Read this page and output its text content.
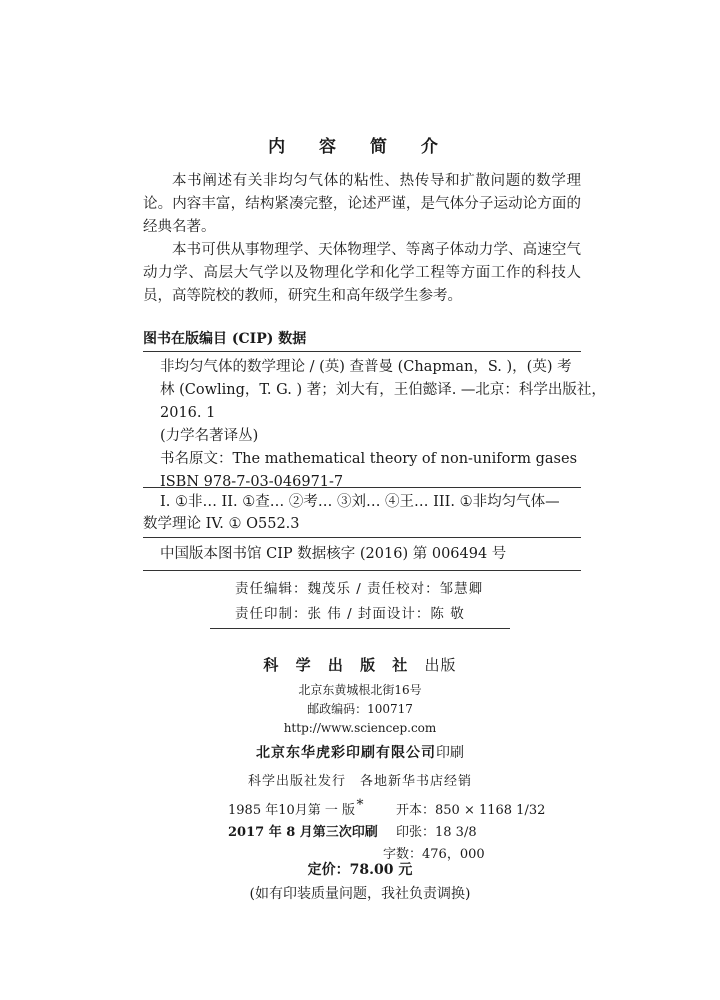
内 容 简 介

本书阐述有关非均匀气体的粘性、热传导和扩散问题的数学理论。内容丰富，结构紧凑完整，论述严谨，是气体分子运动论方面的经典名著。

本书可供从事物理学、天体物理学、等离子体动力学、高速空气动力学、高层大气学以及物理化学和化学工程等方面工作的科技人员，高等院校的教师，研究生和高年级学生参考。

图书在版编目 (CIP) 数据
非均匀气体的数学理论 / (英) 查普曼 (Chapman，S. )，(英) 考
林 (Cowling，T. G. ) 著；刘大有，王伯懿译. —北京：科学出版社，
2016. 1
(力学名著译丛)
书名原文：The mathematical theory of non-uniform gases
ISBN 978-7-03-046971-7
I. ①非… II. ①查… ②考… ③刘… ④王… III. ①非均匀气体—
数学理论 IV. ① O552.3
中国版本图书馆 CIP 数据核字 (2016) 第 006494 号
责任编辑：魏茂乐 / 责任校对：邹慧卿
责任印制：张 伟 / 封面设计：陈 敬
科 学 出 版 社 出版
北京东黄城根北街16号
邮政编码：100717
http://www.sciencep.com
北京东华虎彩印刷有限公司印刷
科学出版社发行　各地新华书店经销
*
1985 年10月第 一 版	开本：850 × 1168 1/32
2017 年 8 月第三次印刷 印张：18 3/8
字数：476，000
定价：78.00 元
(如有印装质量问题，我社负责调换)
